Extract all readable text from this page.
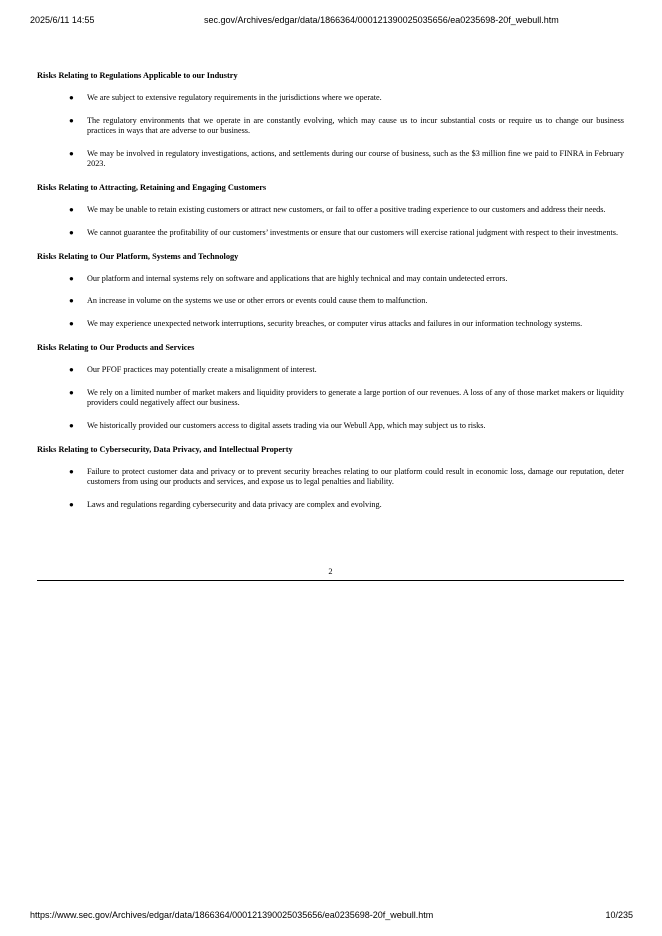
2025/6/11 14:55	sec.gov/Archives/edgar/data/1866364/000121390025035656/ea0235698-20f_webull.htm
Risks Relating to Regulations Applicable to our Industry
● We are subject to extensive regulatory requirements in the jurisdictions where we operate.
● The regulatory environments that we operate in are constantly evolving, which may cause us to incur substantial costs or require us to change our business practices in ways that are adverse to our business.
● We may be involved in regulatory investigations, actions, and settlements during our course of business, such as the $3 million fine we paid to FINRA in February 2023.
Risks Relating to Attracting, Retaining and Engaging Customers
● We may be unable to retain existing customers or attract new customers, or fail to offer a positive trading experience to our customers and address their needs.
● We cannot guarantee the profitability of our customers’ investments or ensure that our customers will exercise rational judgment with respect to their investments.
Risks Relating to Our Platform, Systems and Technology
● Our platform and internal systems rely on software and applications that are highly technical and may contain undetected errors.
● An increase in volume on the systems we use or other errors or events could cause them to malfunction.
● We may experience unexpected network interruptions, security breaches, or computer virus attacks and failures in our information technology systems.
Risks Relating to Our Products and Services
● Our PFOF practices may potentially create a misalignment of interest.
● We rely on a limited number of market makers and liquidity providers to generate a large portion of our revenues. A loss of any of those market makers or liquidity providers could negatively affect our business.
● We historically provided our customers access to digital assets trading via our Webull App, which may subject us to risks.
Risks Relating to Cybersecurity, Data Privacy, and Intellectual Property
● Failure to protect customer data and privacy or to prevent security breaches relating to our platform could result in economic loss, damage our reputation, deter customers from using our products and services, and expose us to legal penalties and liability.
● Laws and regulations regarding cybersecurity and data privacy are complex and evolving.
2
https://www.sec.gov/Archives/edgar/data/1866364/000121390025035656/ea0235698-20f_webull.htm	10/235
